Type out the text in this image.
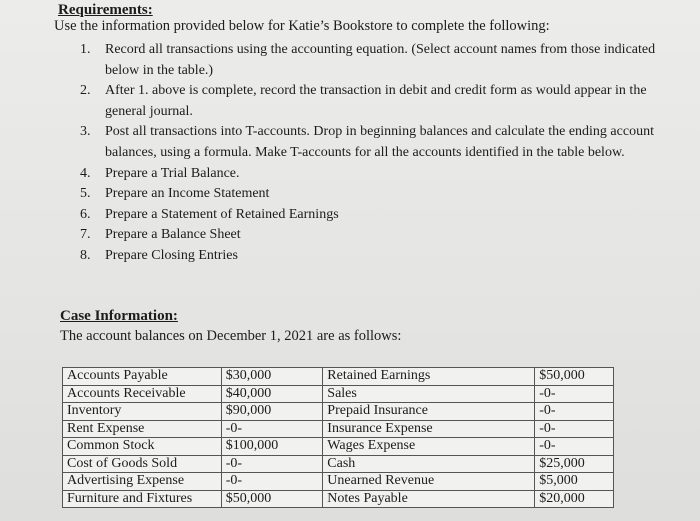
Requirements:
Use the information provided below for Katie’s Bookstore to complete the following:
1.	Record all transactions using the accounting equation. (Select account names from those indicated below in the table.)
2.	After 1. above is complete, record the transaction in debit and credit form as would appear in the general journal.
3.	Post all transactions into T-accounts. Drop in beginning balances and calculate the ending account balances, using a formula. Make T-accounts for all the accounts identified in the table below.
4.	Prepare a Trial Balance.
5.	Prepare an Income Statement
6.	Prepare a Statement of Retained Earnings
7.	Prepare a Balance Sheet
8.	Prepare Closing Entries
Case Information:
The account balances on December 1, 2021 are as follows:
Accounts Payable	$30,000	Retained Earnings	$50,000
Accounts Receivable	$40,000	Sales	-0-
Inventory	$90,000	Prepaid Insurance	-0-
Rent Expense	-0-	Insurance Expense	-0-
Common Stock	$100,000	Wages Expense	-0-
Cost of Goods Sold	-0-	Cash	$25,000
Advertising Expense	-0-	Unearned Revenue	$5,000
Furniture and Fixtures	$50,000	Notes Payable	$20,000
